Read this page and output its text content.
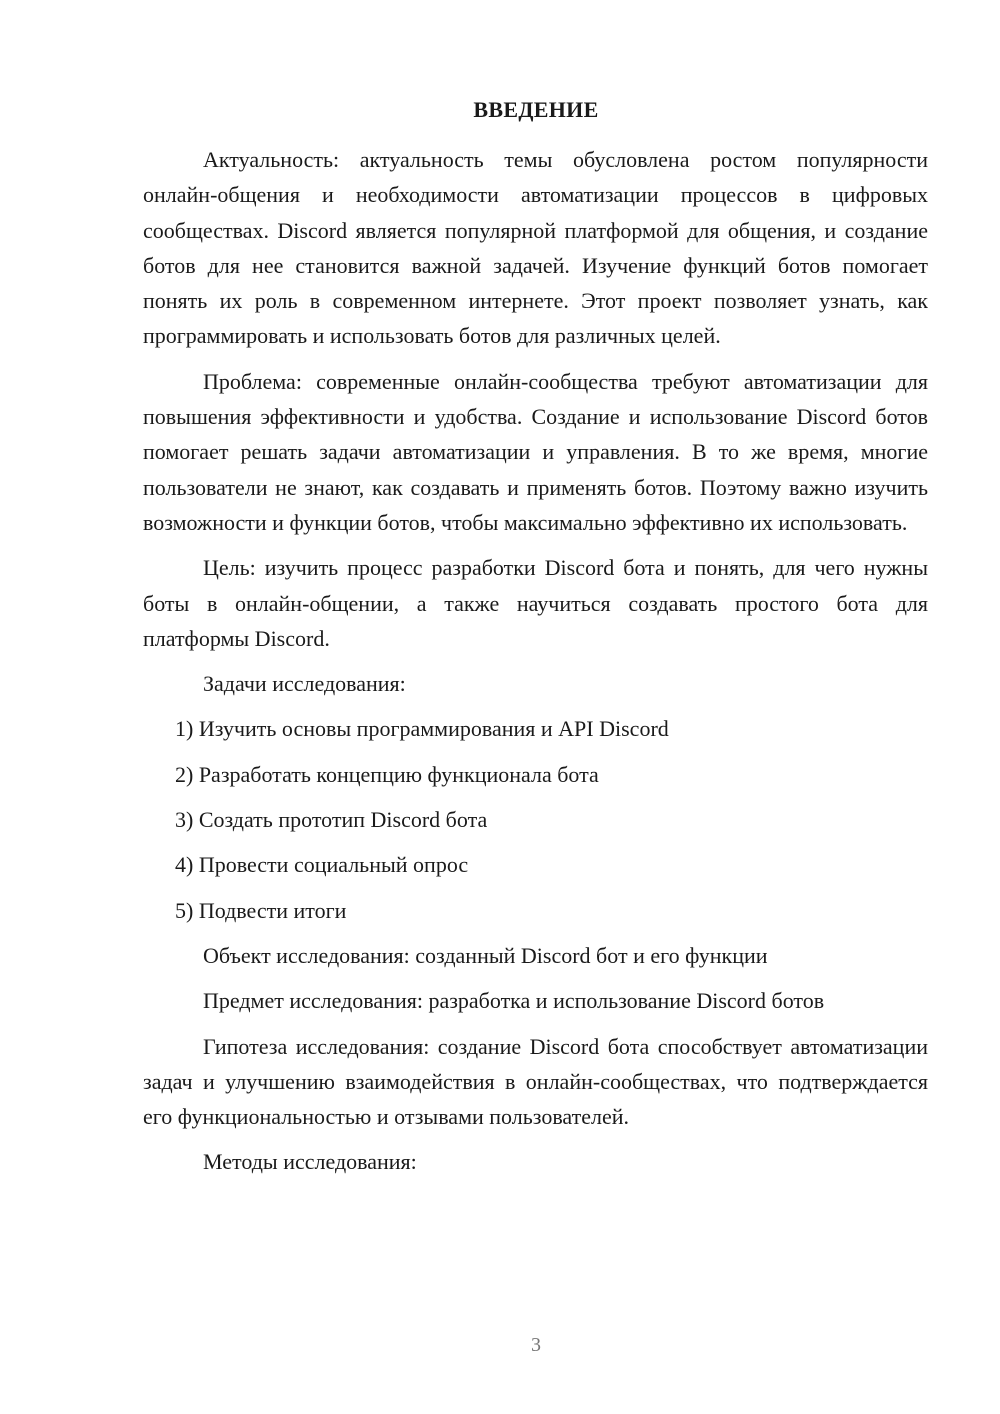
ВВЕДЕНИЕ

Актуальность: актуальность темы обусловлена ростом популярности онлайн-общения и необходимости автоматизации процессов в цифровых сообществах. Discord является популярной платформой для общения, и создание ботов для нее становится важной задачей. Изучение функций ботов помогает понять их роль в современном интернете. Этот проект позволяет узнать, как программировать и использовать ботов для различных целей.

Проблема: современные онлайн-сообщества требуют автоматизации для повышения эффективности и удобства. Создание и использование Discord ботов помогает решать задачи автоматизации и управления. В то же время, многие пользователи не знают, как создавать и применять ботов. Поэтому важно изучить возможности и функции ботов, чтобы максимально эффективно их использовать.

Цель: изучить процесс разработки Discord бота и понять, для чего нужны боты в онлайн-общении, а также научиться создавать простого бота для платформы Discord.

Задачи исследования:
1) Изучить основы программирования и API Discord
2) Разработать концепцию функционала бота
3) Создать прототип Discord бота
4) Провести социальный опрос
5) Подвести итоги
Объект исследования: созданный Discord бот и его функции
Предмет исследования: разработка и использование Discord ботов

Гипотеза исследования: создание Discord бота способствует автоматизации задач и улучшению взаимодействия в онлайн-сообществах, что подтверждается его функциональностью и отзывами пользователей.

Методы исследования:
3
